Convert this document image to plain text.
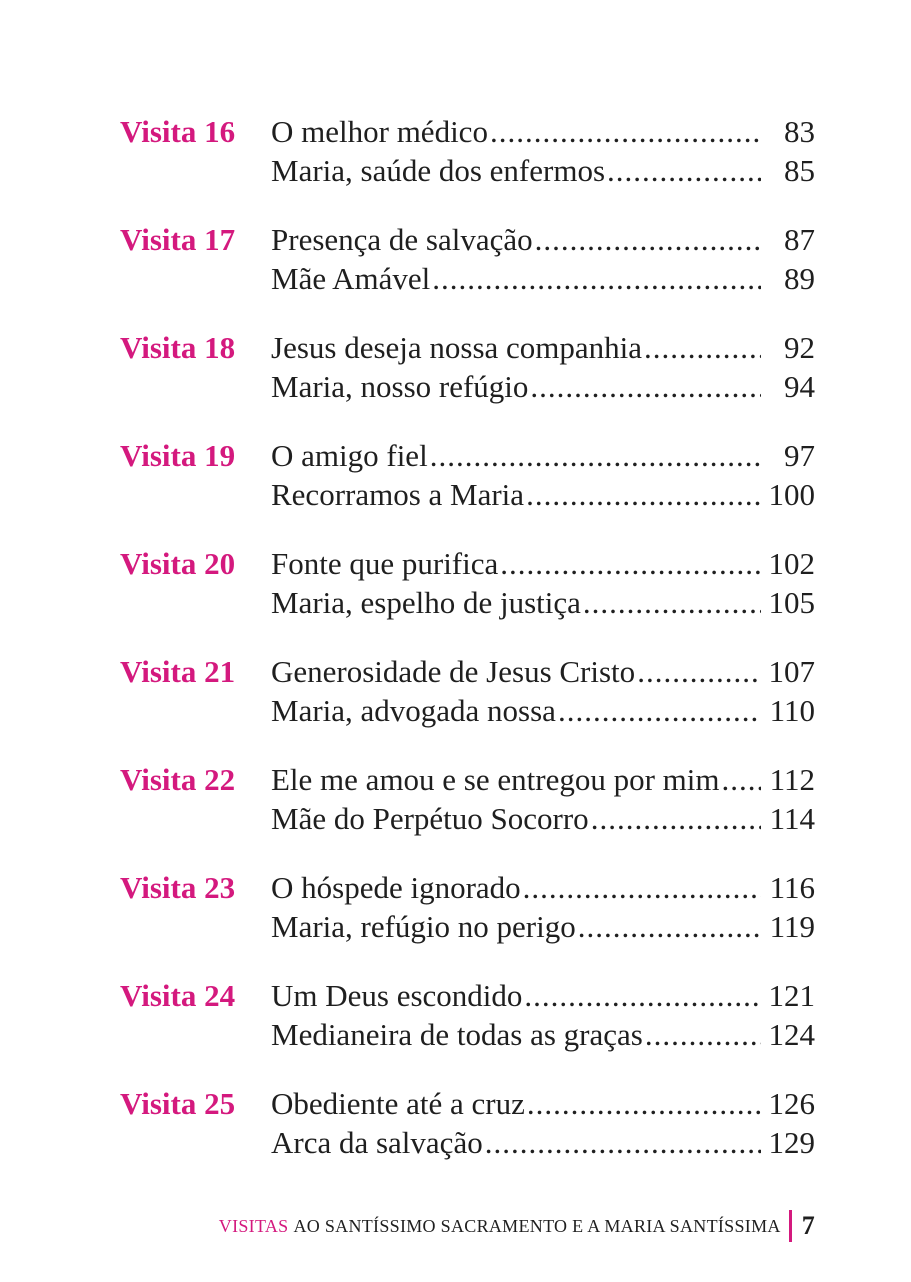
Visita 16	O melhor médico .....	83
Maria, saúde dos enfermos .....	85
Visita 17	Presença de salvação .....	87
Mãe Amável .....	89
Visita 18	Jesus deseja nossa companhia .....	92
Maria, nosso refúgio .....	94
Visita 19	O amigo fiel .....	97
Recorramos a Maria .....	100
Visita 20	Fonte que purifica .....	102
Maria, espelho de justiça .....	105
Visita 21	Generosidade de Jesus Cristo .....	107
Maria, advogada nossa .....	110
Visita 22	Ele me amou e se entregou por mim ..... 112
Mãe do Perpétuo Socorro .....	114
Visita 23	O hóspede ignorado .....	116
Maria, refúgio no perigo .....	119
Visita 24	Um Deus escondido .....	121
Medianeira de todas as graças .....	124
Visita 25	Obediente até a cruz .....	126
Arca da salvação .....	129
VISITAS AO SANTÍSSIMO SACRAMENTO E A MARIA SANTÍSSIMA 7
